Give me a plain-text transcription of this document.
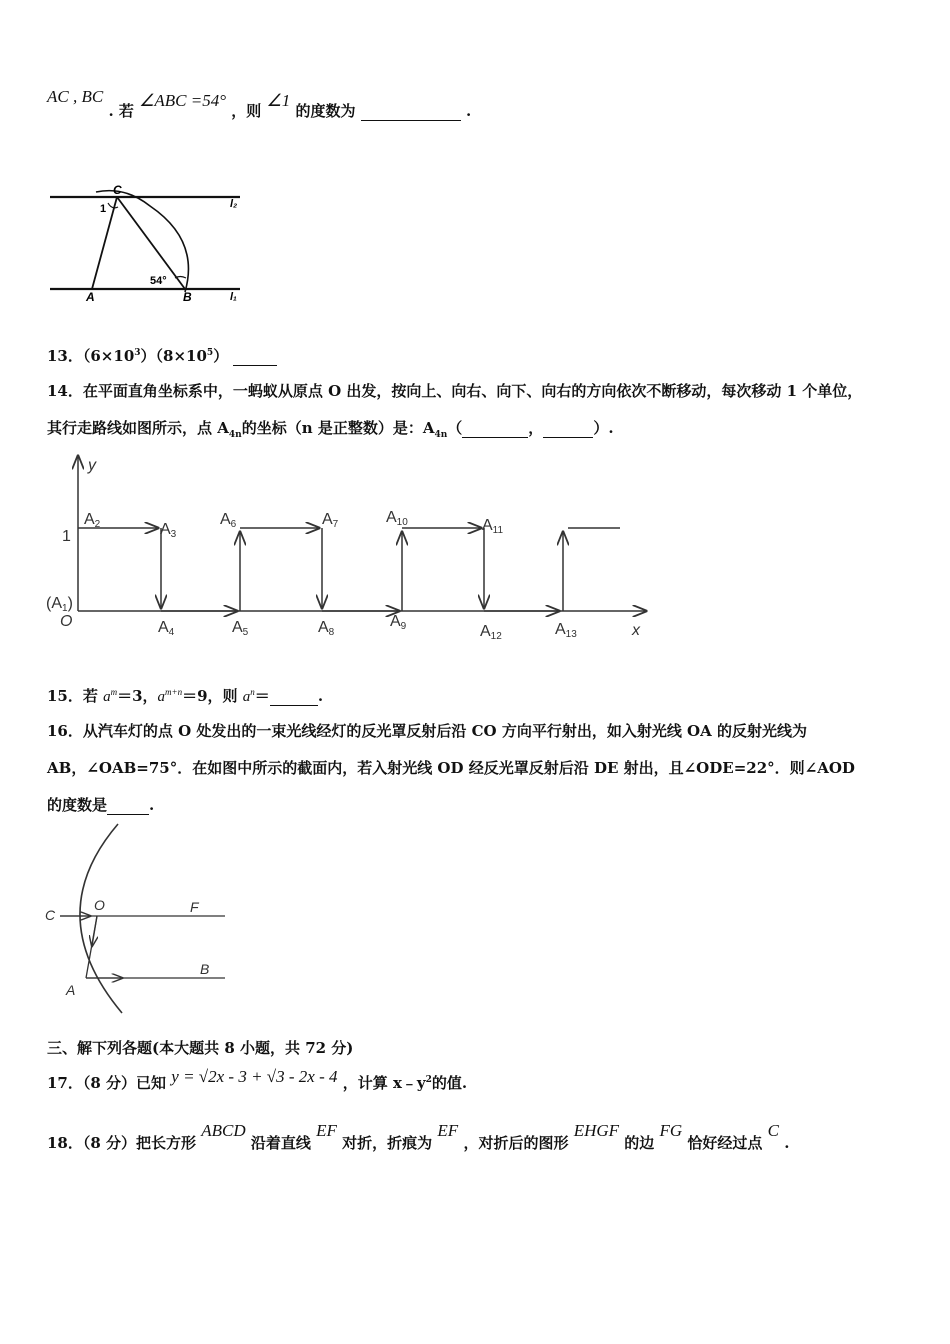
AC , BC . 若 ∠ABC =54° ，则 ∠1 的度数为	.
C
1
A	B
54°
l₂
l₁
13．$(6\times 10^3)(8\times 10^5)$
14．在平面直角坐标系中，一蚂蚁从原点 O 出发，按向上、向右、向下、向右的方向依次不断移动，每次移动 1 个单位，
其行走路线如图所示，点 $A_{4n}$的坐标（n 是正整数）是：$A_{4n}$（	，	）.
y
x
1
(A1)
O
A2	A3
A6	A7	A10	A11
A4	A5	A8
A9	A12	A13
15．若 $a^m=3$，$a^{m+n}=9$，则 $a^n=$	.
16．从汽车灯的点 O 处发出的一束光线经灯的反光罩反射后沿 CO 方向平行射出，如入射光线 OA 的反射光线为
AB，∠OAB=75°．在如图中所示的截面内，若入射光线 OD 经反光罩反射后沿 DE 射出，且∠ODE=22°．则∠AOD
的度数是	.
C
O	F
B
A
三、解下列各题(本大题共 8 小题，共 72 分)
17．（8 分）已知 y = √2x - 3 + √3 - 2x - 4 ，计算 $x﹣y^2$的值.
18．（8 分）把长方形 ABCD 沿着直线 EF 对折，折痕为 EF ，对折后的图形 EHGF 的边 FG 恰好经过点 C .
